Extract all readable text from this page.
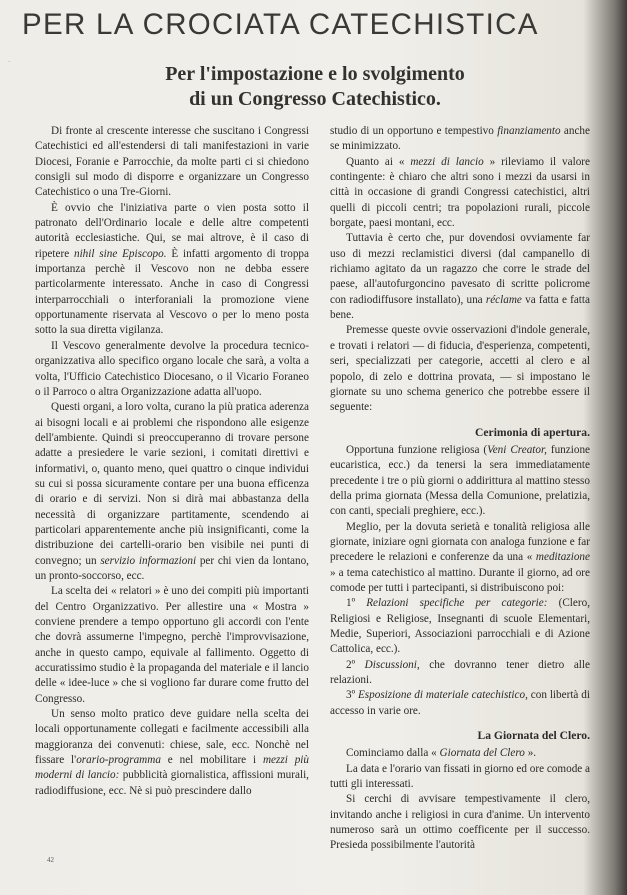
PER LA CROCIATA CATECHISTICA
·
Per l'impostazione e lo svolgimento
di un Congresso Catechistico.

Di fronte al crescente interesse che suscitano i Congressi Catechistici ed all'estendersi di tali manifestazioni in varie Diocesi, Foranie e Parrocchie, da molte parti ci si chiedono consigli sul modo di disporre e organizzare un Congresso Catechistico o una Tre-Giorni.

È ovvio che l'iniziativa parte o vien posta sotto il patronato dell'Ordinario locale e delle altre competenti autorità ecclesiastiche. Qui, se mai altrove, è il caso di ripetere nihil sine Episcopo. È infatti argomento di troppa importanza perchè il Vescovo non ne debba essere particolarmente interessato. Anche in caso di Congressi interparrocchiali o interforaniali la promozione viene opportunamente riservata al Vescovo o per lo meno posta sotto la sua diretta vigilanza.

Il Vescovo generalmente devolve la procedura tecnico-organizzativa allo specifico organo locale che sarà, a volta a volta, l'Ufficio Catechistico Diocesano, o il Vicario Foraneo o il Parroco o altra Organizzazione adatta all'uopo.

Questi organi, a loro volta, curano la più pratica aderenza ai bisogni locali e ai problemi che rispondono alle esigenze dell'ambiente. Quindi si preoccuperanno di trovare persone adatte a presiedere le varie sezioni, i comitati direttivi e informativi, o, quanto meno, quei quattro o cinque individui su cui si possa sicuramente contare per una buona efficenza di orario e di servizi. Non si dirà mai abbastanza della necessità di organizzare partitamente, scendendo ai particolari apparentemente anche più insignificanti, come la distribuzione dei cartelli-orario ben visibile nei punti di convegno; un servizio informazioni per chi vien da lontano, un pronto-soccorso, ecc.

La scelta dei « relatori » è uno dei compiti più importanti del Centro Organizzativo. Per allestire una « Mostra » conviene prendere a tempo opportuno gli accordi con l'ente che dovrà assumerne l'impegno, perchè l'improvvisazione, anche in questo campo, equivale al fallimento. Oggetto di accuratissimo studio è la propaganda del materiale e il lancio delle « idee-luce » che si vogliono far durare come frutto del Congresso.

Un senso molto pratico deve guidare nella scelta dei locali opportunamente collegati e facilmente accessibili alla maggioranza dei convenuti: chiese, sale, ecc. Nonchè nel fissare l'orario-programma e nel mobilitare i mezzi più moderni di lancio: pubblicità giornalistica, affissioni murali, radiodiffusione, ecc. Nè si può prescindere dallo

studio di un opportuno e tempestivo finanziamento anche se minimizzato.

Quanto ai « mezzi di lancio » rileviamo il valore contingente: è chiaro che altri sono i mezzi da usarsi in città in occasione di grandi Congressi catechistici, altri quelli di piccoli centri; tra popolazioni rurali, piccole borgate, paesi montani, ecc.

Tuttavia è certo che, pur dovendosi ovviamente far uso di mezzi reclamistici diversi (dal campanello di richiamo agitato da un ragazzo che corre le strade del paese, all'autofurgoncino pavesato di scritte policrome con radiodiffusore installato), una réclame va fatta e fatta bene.

Premesse queste ovvie osservazioni d'indole generale, e trovati i relatori — di fiducia, d'esperienza, competenti, seri, specializzati per categorie, accetti al clero e al popolo, di zelo e dottrina provata, — si impostano le giornate su uno schema generico che potrebbe essere il seguente:

Cerimonia di apertura.

Opportuna funzione religiosa (Veni Creator, funzione eucaristica, ecc.) da tenersi la sera immediatamente precedente i tre o più giorni o addirittura al mattino stesso della prima giornata (Messa della Comunione, prelatizia, con canti, speciali preghiere, ecc.).

Meglio, per la dovuta serietà e tonalità religiosa alle giornate, iniziare ogni giornata con analoga funzione e far precedere le relazioni e conferenze da una « meditazione » a tema catechistico al mattino. Durante il giorno, ad ore comode per tutti i partecipanti, si distribuiscono poi:

1º Relazioni specifiche per categorie: (Clero, Religiosi e Religiose, Insegnanti di scuole Elementari, Medie, Superiori, Associazioni parrocchiali e di Azione Cattolica, ecc.).

2º Discussioni, che dovranno tener dietro alle relazioni.

3º Esposizione di materiale catechistico, con libertà di accesso in varie ore.

La Giornata del Clero.

Cominciamo dalla « Giornata del Clero ».

La data e l'orario van fissati in giorno ed ore comode a tutti gli interessati.

Si cerchi di avvisare tempestivamente il clero, invitando anche i religiosi in cura d'anime. Un intervento numeroso sarà un ottimo coefficente per il successo. Presieda possibilmente l'autorità

42
